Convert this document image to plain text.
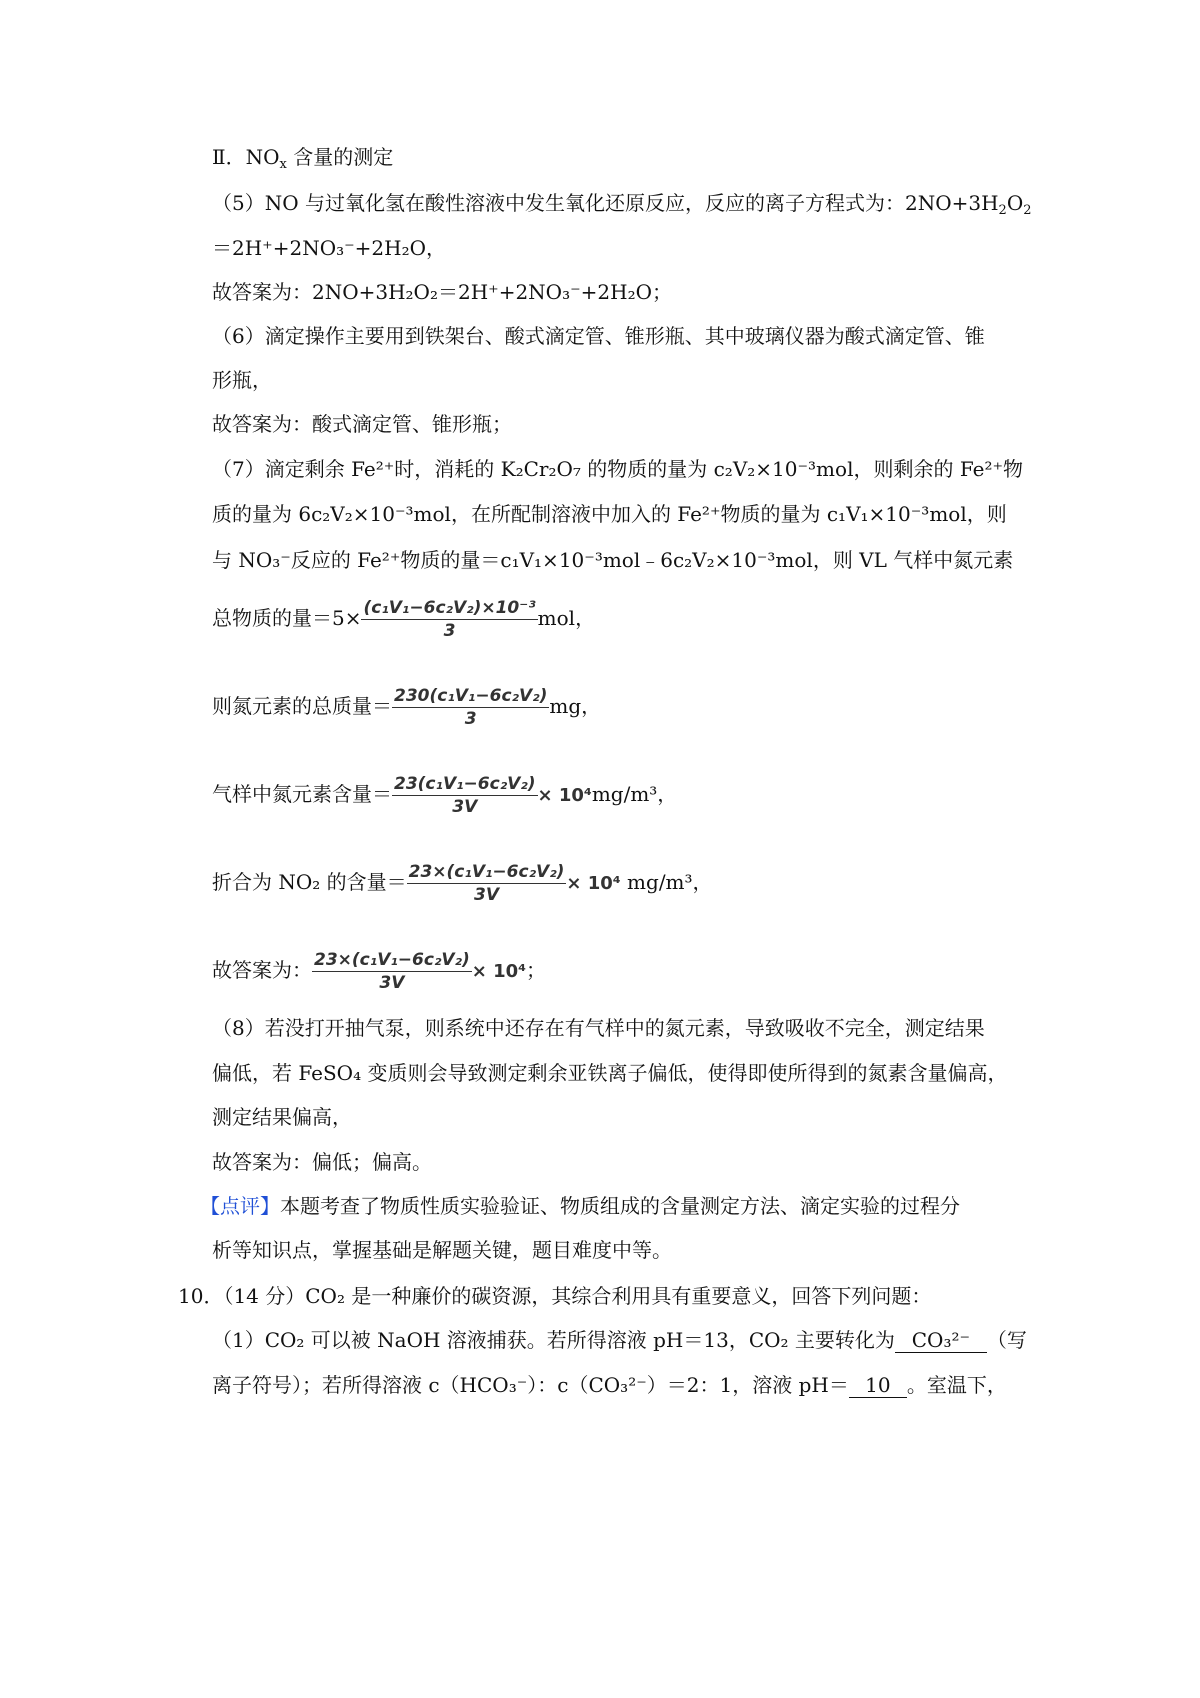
Ⅱ．$NO_x$ 含量的测定
（5）NO 与过氧化氢在酸性溶液中发生氧化还原反应，反应的离子方程式为：$2NO+3H_2O_2$
＝2H⁺+2NO₃⁻+2H₂O，
故答案为：2NO+3H₂O₂＝2H⁺+2NO₃⁻+2H₂O；
（6）滴定操作主要用到铁架台、酸式滴定管、锥形瓶、其中玻璃仪器为酸式滴定管、锥
形瓶，
故答案为：酸式滴定管、锥形瓶；
（7）滴定剩余 Fe²⁺时，消耗的 K₂Cr₂O₇ 的物质的量为 c₂V₂×10⁻³mol，则剩余的 Fe²⁺物
质的量为 6c₂V₂×10⁻³mol，在所配制溶液中加入的 Fe²⁺物质的量为 c₁V₁×10⁻³mol，则
与 NO₃⁻反应的 Fe²⁺物质的量＝c₁V₁×10⁻³mol﹣6c₂V₂×10⁻³mol，则 VL 气样中氮元素
总物质的量$=5\times \frac{\text{(c₁V₁−6c₂V₂)×10⁻³}}{3}$ mol，
则氮元素的总质量＝ $\frac{\text{230(c₁V₁−6c₂V₂)}}{3}$ mg，
气样中氮元素含量＝ $\frac{\text{23(c₁V₁−6c₂V₂)}}{3V} \times 10^4mg/m^3$，
折合为 NO₂ 的含量＝ $\frac{\text{23×(c₁V₁−6c₂V₂)}}{3V} \times 10^4$ mg/m³，
故答案为： $\frac{\text{23×(c₁V₁−6c₂V₂)}}{3V} \times 10^4$；
（8）若没打开抽气泵，则系统中还存在有气样中的氮元素，导致吸收不完全，测定结果
偏低，若 FeSO₄ 变质则会导致测定剩余亚铁离子偏低，使得即使所得到的氮素含量偏高，
测定结果偏高，
故答案为：偏低；偏高。
【点评】本题考查了物质性质实验验证、物质组成的含量测定方法、滴定实验的过程分
析等知识点，掌握基础是解题关键，题目难度中等。
10．（14 分）CO₂ 是一种廉价的碳资源，其综合利用具有重要意义，回答下列问题：
（1）CO₂ 可以被 NaOH 溶液捕获。若所得溶液 pH＝13，CO₂ 主要转化为 CO₃²⁻ （写
离子符号）；若所得溶液 c（HCO₃⁻）：c（CO₃²⁻）＝2：1，溶液 pH＝ 10 。室温下，
